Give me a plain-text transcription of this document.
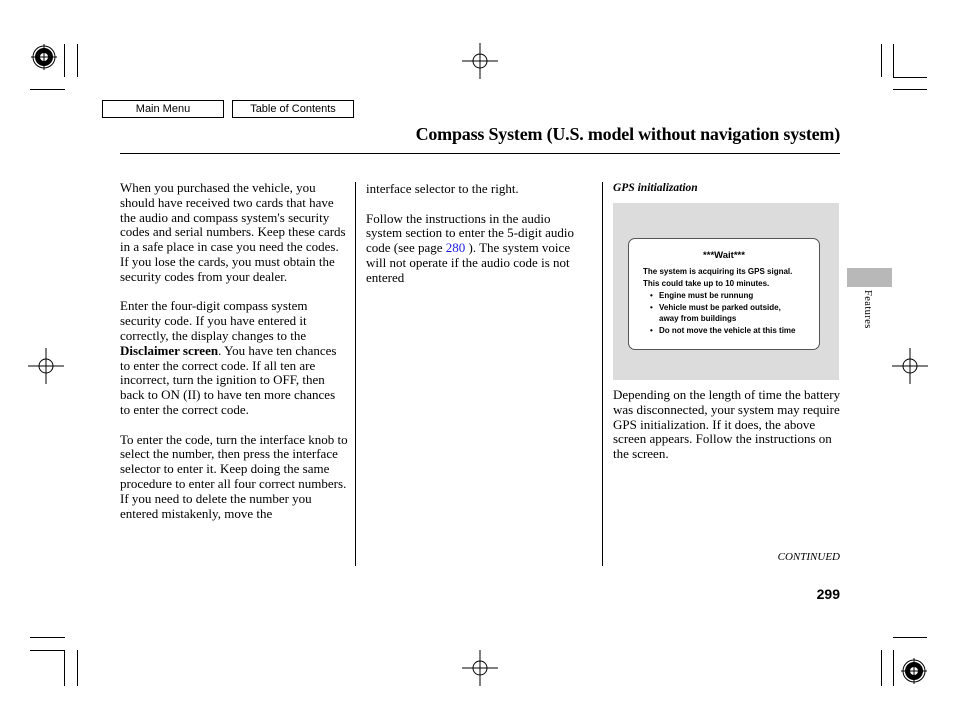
Main Menu	Table of Contents
Compass System (U.S. model without navigation system)

When you purchased the vehicle, you should have received two cards that have the audio and compass system's security codes and serial numbers. Keep these cards in a safe place in case you need the codes. If you lose the cards, you must obtain the security codes from your dealer.

Enter the four-digit compass system security code. If you have entered it correctly, the display changes to the Disclaimer screen. You have ten chances to enter the correct code. If all ten are incorrect, turn the ignition to OFF, then back to ON (II) to have ten more chances to enter the correct code.

To enter the code, turn the interface knob to select the number, then press the interface selector to enter it. Keep doing the same procedure to enter all four correct numbers. If you need to delete the number you entered mistakenly, move the

interface selector to the right.

Follow the instructions in the audio system section to enter the 5-digit audio code (see page 280 ). The system voice will not operate if the audio code is not entered

GPS initialization
***Wait***
The system is acquiring its GPS signal.
This could take up to 10 minutes.
• Engine must be runnung
• Vehicle must be parked outside,
away from buildings
• Do not move the vehicle at this time

Depending on the length of time the battery was disconnected, your system may require GPS initialization. If it does, the above screen appears. Follow the instructions on the screen.

Features
CONTINUED
299
